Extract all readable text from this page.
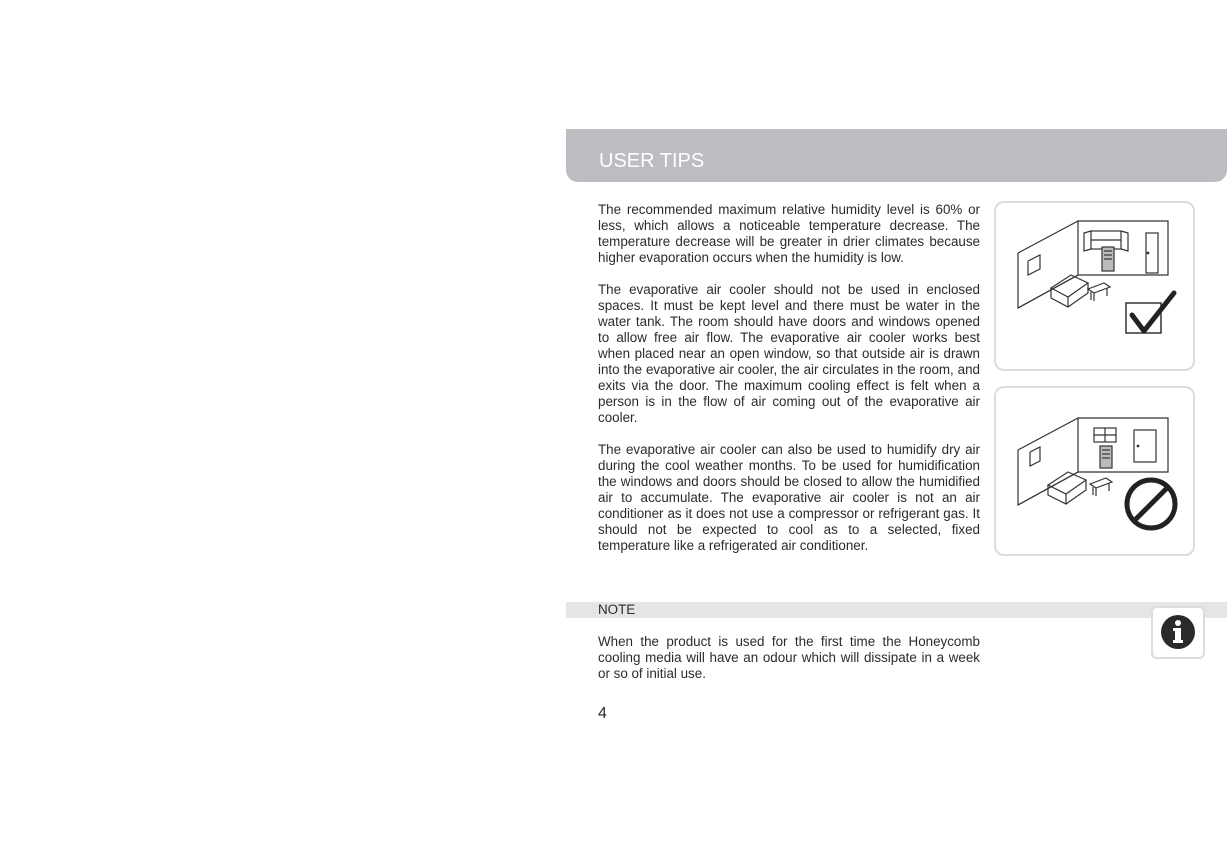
USER TIPS
The recommended maximum relative humidity level is 60% or less, which allows a noticeable temperature decrease. The temperature decrease will be greater in drier climates because higher evaporation occurs when the humidity is low.
The evaporative air cooler should not be used in enclosed spaces. It must be kept level and there must be water in the water tank. The room should have doors and windows opened to allow free air flow. The evaporative air cooler works best when placed near an open window, so that outside air is drawn into the evaporative air cooler, the air circulates in the room, and exits via the door. The maximum cooling effect is felt when a person is in the flow of air coming out of the evaporative air cooler.
The evaporative air cooler can also be used to humidify dry air during the cool weather months. To be used for humidification the windows and doors should be closed to allow the humidified air to accumulate. The evaporative air cooler is not an air conditioner as it does not use a compressor or refrigerant gas. It should not be expected to cool as to a selected, fixed temperature like a refrigerated air conditioner.
NOTE
When the product is used for the first time the Honeycomb cooling media will have an odour which will dissipate in a week or so of initial use.
4
